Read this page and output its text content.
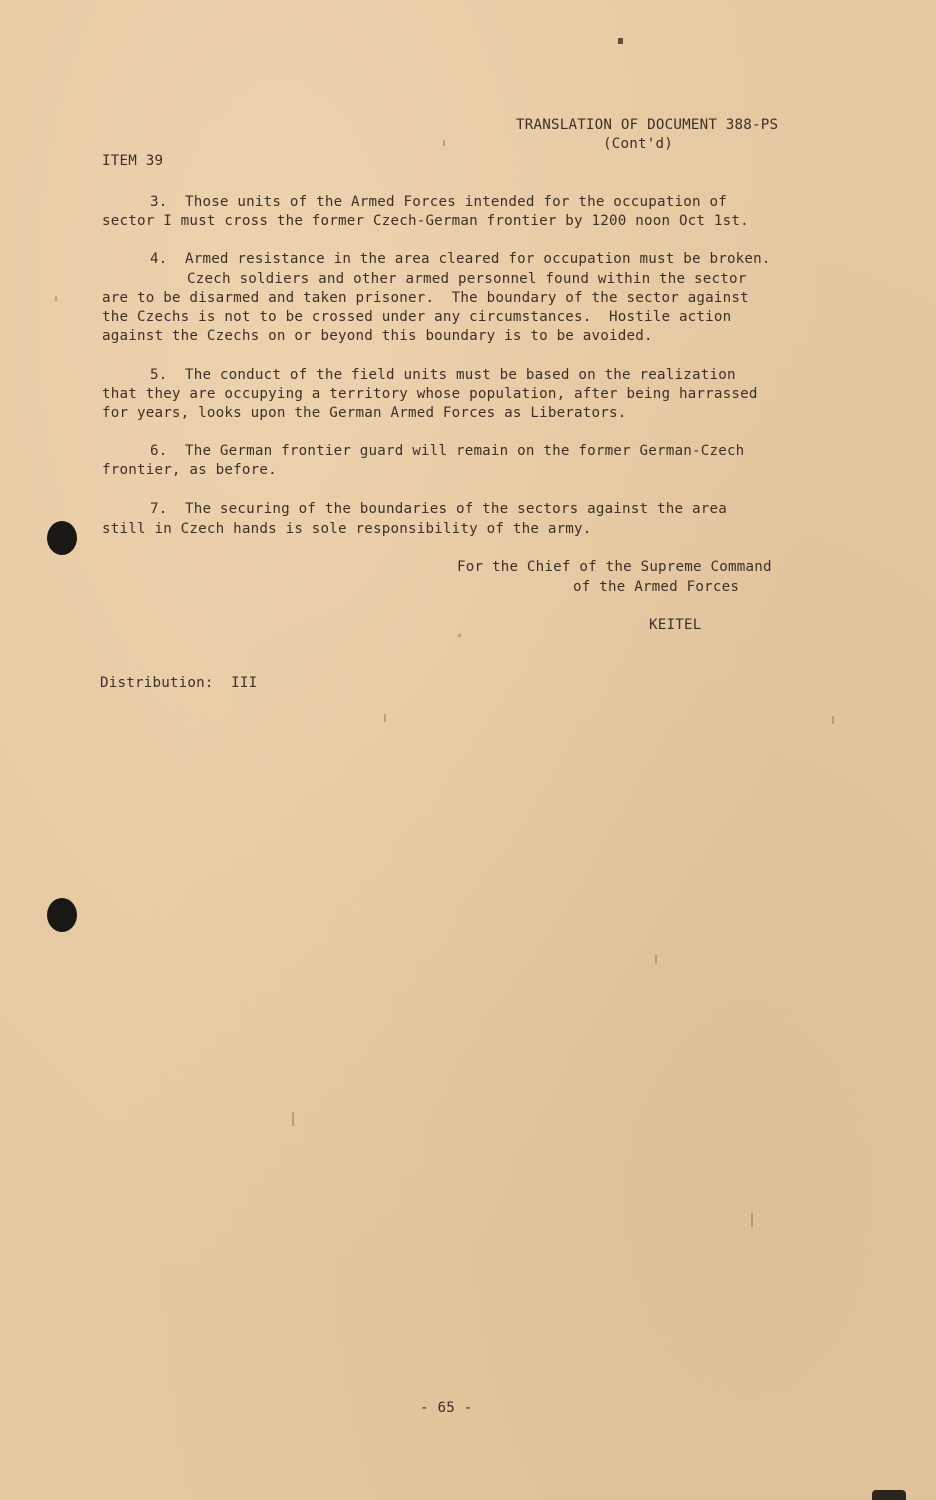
TRANSLATION OF DOCUMENT 388-PS
(Cont'd)
ITEM 39
3.  Those units of the Armed Forces intended for the occupation of
sector I must cross the former Czech-German frontier by 1200 noon Oct 1st.
4.  Armed resistance in the area cleared for occupation must be broken.
Czech soldiers and other armed personnel found within the sector
are to be disarmed and taken prisoner.  The boundary of the sector against
the Czechs is not to be crossed under any circumstances.  Hostile action
against the Czechs on or beyond this boundary is to be avoided.
5.  The conduct of the field units must be based on the realization
that they are occupying a territory whose population, after being harrassed
for years, looks upon the German Armed Forces as Liberators.
6.  The German frontier guard will remain on the former German-Czech
frontier, as before.
7.  The securing of the boundaries of the sectors against the area
still in Czech hands is sole responsibility of the army.
For the Chief of the Supreme Command
of the Armed Forces
KEITEL
Distribution:  III
- 65 -
